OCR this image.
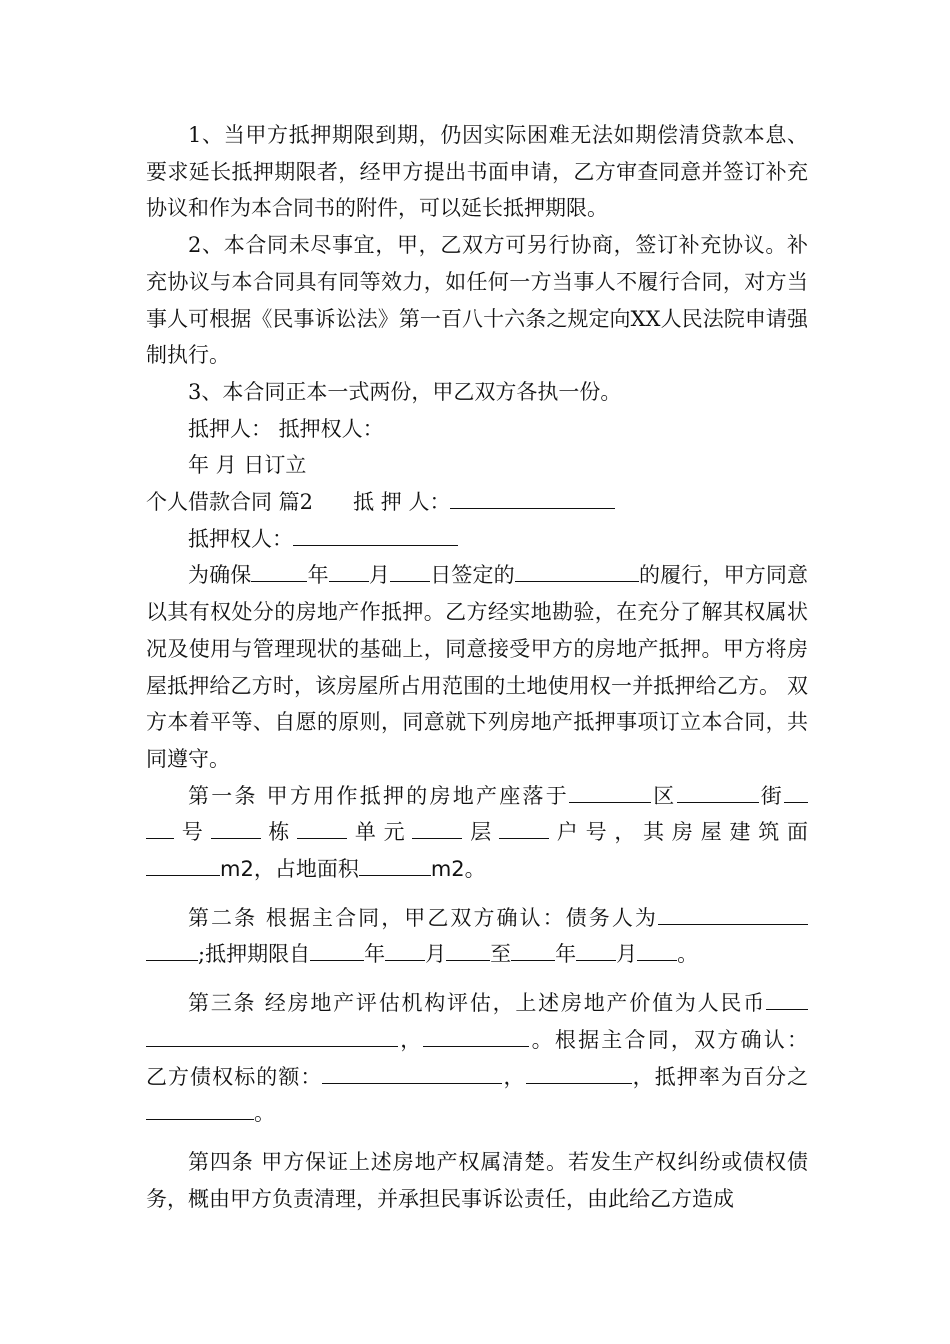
1、当甲方抵押期限到期，仍因实际困难无法如期偿清贷款本息、要求延长抵押期限者，经甲方提出书面申请，乙方审查同意并签订补充协议和作为本合同书的附件，可以延长抵押期限。

2、本合同未尽事宜，甲，乙双方可另行协商，签订补充协议。补充协议与本合同具有同等效力，如任何一方当事人不履行合同，对方当事人可根据《民事诉讼法》第一百八十六条之规定向XX人民法院申请强制执行。

3、本合同正本一式两份，甲乙双方各执一份。

抵押人： 抵押权人：

年 月 日订立

个人借款合同 篇2 抵 押 人：

抵押权人：

为确保	年 月 日签定的	的履行，甲方同意以其有权处分的房地产作抵押。乙方经实地勘验，在充分了解其权属状况及使用与管理现状的基础上，同意接受甲方的房地产抵押。甲方将房屋抵押给乙方时，该房屋所占用范围的土地使用权一并抵押给乙方。 双方本着平等、自愿的原则，同意就下列房地产抵押事项订立本合同，共同遵守。

第一条 甲方用作抵押的房地产座落于	区	街

号 栋 单元 层 户号，其房屋建筑面

m2，占地面积	m2。

第二条 根据主合同，甲乙双方确认：债务人为

;抵押期限自	年 月 至 年 月 。

第三条 经房地产评估机构评估，上述房地产价值为人民币

，	。根据主合同，双方确认：

乙方债权标的额：	，	，抵押率为百分之

。

第四条 甲方保证上述房地产权属清楚。若发生产权纠纷或债权债务，概由甲方负责清理，并承担民事诉讼责任，由此给乙方造成
